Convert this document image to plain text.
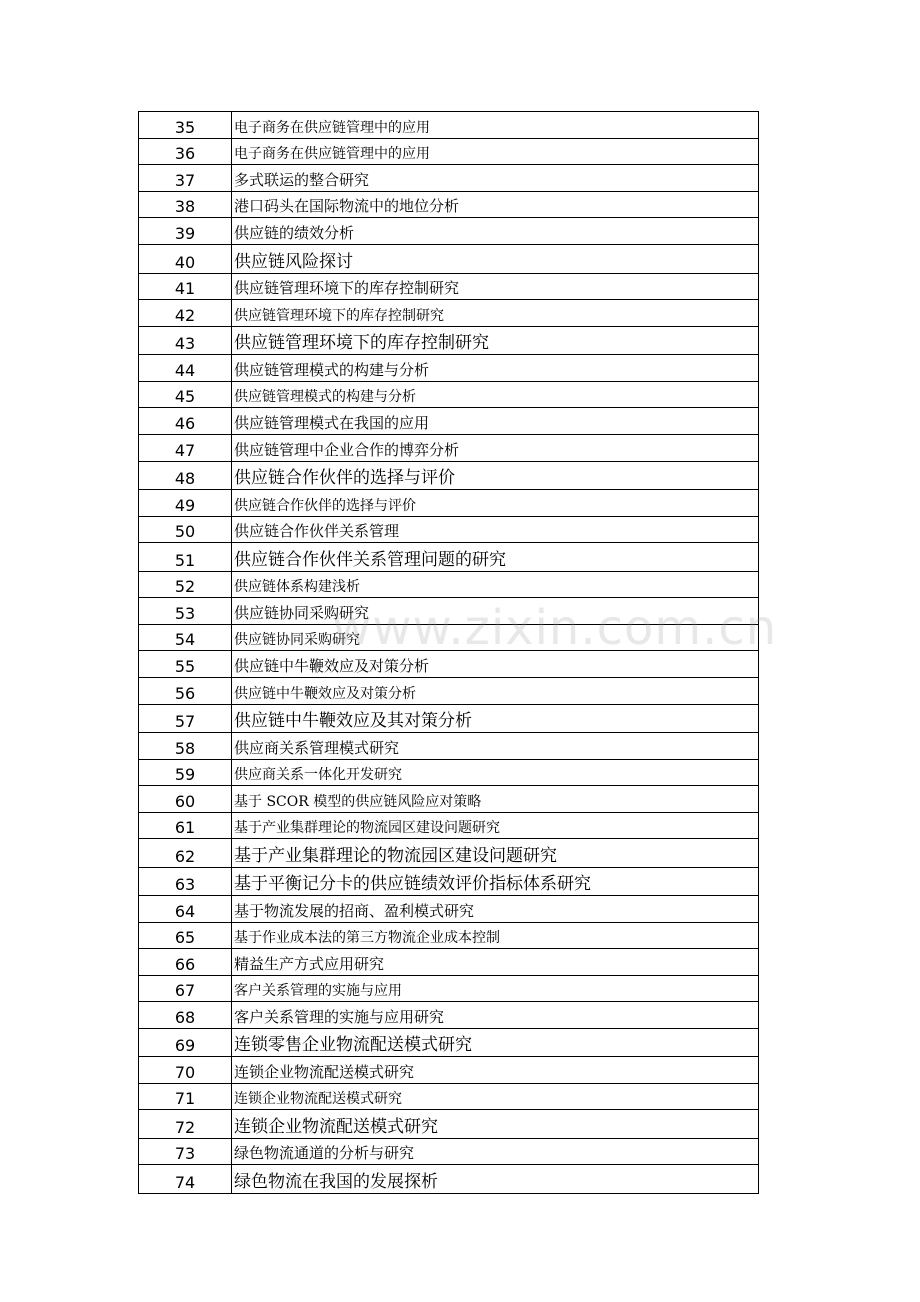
35	电子商务在供应链管理中的应用
36	电子商务在供应链管理中的应用
37	多式联运的整合研究
38	港口码头在国际物流中的地位分析
39	供应链的绩效分析
40	供应链风险探讨
41	供应链管理环境下的库存控制研究
42	供应链管理环境下的库存控制研究
43	供应链管理环境下的库存控制研究
44	供应链管理模式的构建与分析
45	供应链管理模式的构建与分析
46	供应链管理模式在我国的应用
47	供应链管理中企业合作的博弈分析
48	供应链合作伙伴的选择与评价
49	供应链合作伙伴的选择与评价
50	供应链合作伙伴关系管理
51	供应链合作伙伴关系管理问题的研究
52	供应链体系构建浅析
53	供应链协同采购研究
54	供应链协同采购研究
55	供应链中牛鞭效应及对策分析
56	供应链中牛鞭效应及对策分析
57	供应链中牛鞭效应及其对策分析
58	供应商关系管理模式研究
59	供应商关系一体化开发研究
60	基于 SCOR 模型的供应链风险应对策略
61	基于产业集群理论的物流园区建设问题研究
62	基于产业集群理论的物流园区建设问题研究
63	基于平衡记分卡的供应链绩效评价指标体系研究
64	基于物流发展的招商、盈利模式研究
65	基于作业成本法的第三方物流企业成本控制
66	精益生产方式应用研究
67	客户关系管理的实施与应用
68	客户关系管理的实施与应用研究
69	连锁零售企业物流配送模式研究
70	连锁企业物流配送模式研究
71	连锁企业物流配送模式研究
72	连锁企业物流配送模式研究
73	绿色物流通道的分析与研究
74	绿色物流在我国的发展探析
www.zixin.com.cn
